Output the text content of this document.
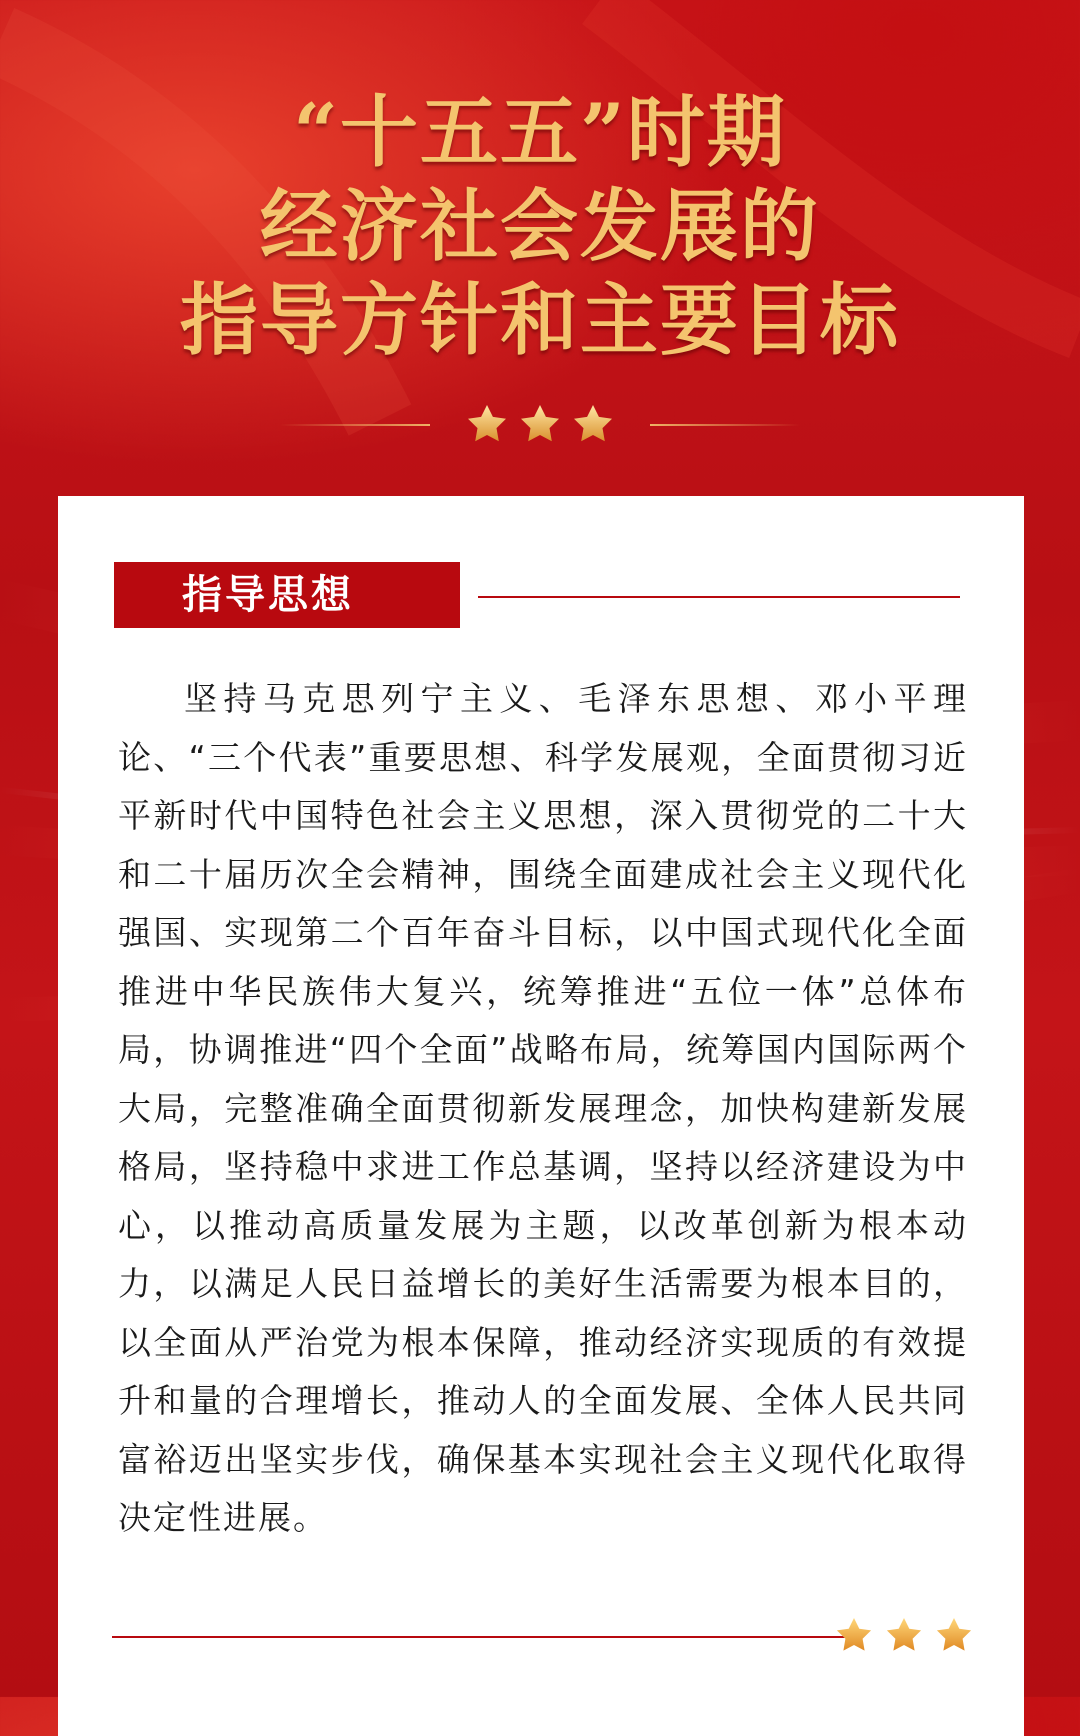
“十五五”时期
经济社会发展的
指导方针和主要目标
指导思想
坚持马克思列宁主义、毛泽东思想、邓小平理论、“三个代表”重要思想、科学发展观，全面贯彻习近平新时代中国特色社会主义思想，深入贯彻党的二十大和二十届历次全会精神，围绕全面建成社会主义现代化强国、实现第二个百年奋斗目标，以中国式现代化全面推进中华民族伟大复兴，统筹推进“五位一体”总体布局，协调推进“四个全面”战略布局，统筹国内国际两个大局，完整准确全面贯彻新发展理念，加快构建新发展格局，坚持稳中求进工作总基调，坚持以经济建设为中心，以推动高质量发展为主题，以改革创新为根本动力，以满足人民日益增长的美好生活需要为根本目的，以全面从严治党为根本保障，推动经济实现质的有效提升和量的合理增长，推动人的全面发展、全体人民共同富裕迈出坚实步伐，确保基本实现社会主义现代化取得决定性进展。
